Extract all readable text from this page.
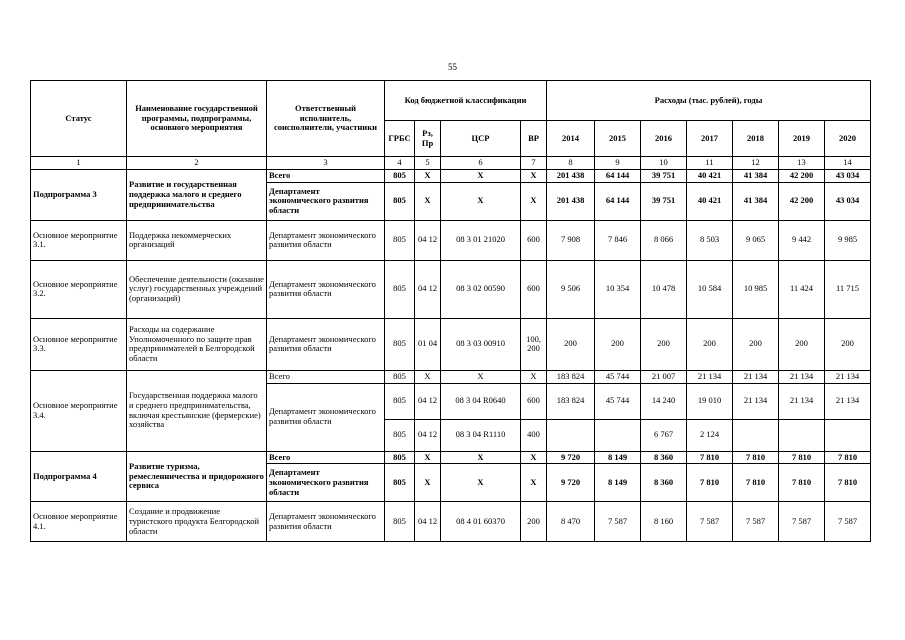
55
Статус	Наименование государственной программы, подпрограммы, основного мероприятия	Ответственный исполнитель, соисполнители, участники	Код бюджетной классификации				Расходы (тыс. рублей), годы						
			ГРБС	Рз, Пр	ЦСР	ВР	2014	2015	2016	2017	2018	2019	2020
1	2	3	4	5	6	7	8	9	10	11	12	13	14
Подпрограмма 3	Развитие и государственная поддержка малого и среднего предпринимательства	Всего	805	Х	Х	Х	201 438	64 144	39 751	40 421	41 384	42 200	43 034
		Департамент экономического развития области	805	Х	Х	Х	201 438	64 144	39 751	40 421	41 384	42 200	43 034
Основное мероприятие 3.1.	Поддержка некоммерческих организаций	Департамент экономического развития области	805	04 12	08 3 01 21020	600	7 908	7 846	8 066	8 503	9 065	9 442	9 985
Основное мероприятие 3.2.	Обеспечение деятельности (оказание услуг) государственных учреждений (организаций)	Департамент экономического развития области	805	04 12	08 3 02 00590	600	9 506	10 354	10 478	10 584	10 985	11 424	11 715
Основное мероприятие 3.3.	Расходы на содержание Уполномоченного по защите прав предпринимателей в Белгородской области	Департамент экономического развития области	805	01 04	08 3 03 00910	100, 200	200	200	200	200	200	200	200
Основное мероприятие 3.4.	Государственная поддержка малого и среднего предпринимательства, включая крестьянские (фермерские) хозяйства	Всего	805	Х	Х	Х	183 824	45 744	21 007	21 134	21 134	21 134	21 134
		Департамент экономического развития области	805	04 12	08 3 04 R0640	600	183 824	45 744	14 240	19 010	21 134	21 134	21 134
			805	04 12	08 3 04 R1110	400			6 767	2 124			
Подпрограмма 4	Развитие туризма, ремесленничества и придорожного сервиса	Всего	805	Х	Х	Х	9 720	8 149	8 360	7 810	7 810	7 810	7 810
		Департамент экономического развития области	805	Х	Х	Х	9 720	8 149	8 360	7 810	7 810	7 810	7 810
Основное мероприятие 4.1.	Создание и продвижение туристского продукта Белгородской области	Департамент экономического развития области	805	04 12	08 4 01 60370	200	8 470	7 587	8 160	7 587	7 587	7 587	7 587
